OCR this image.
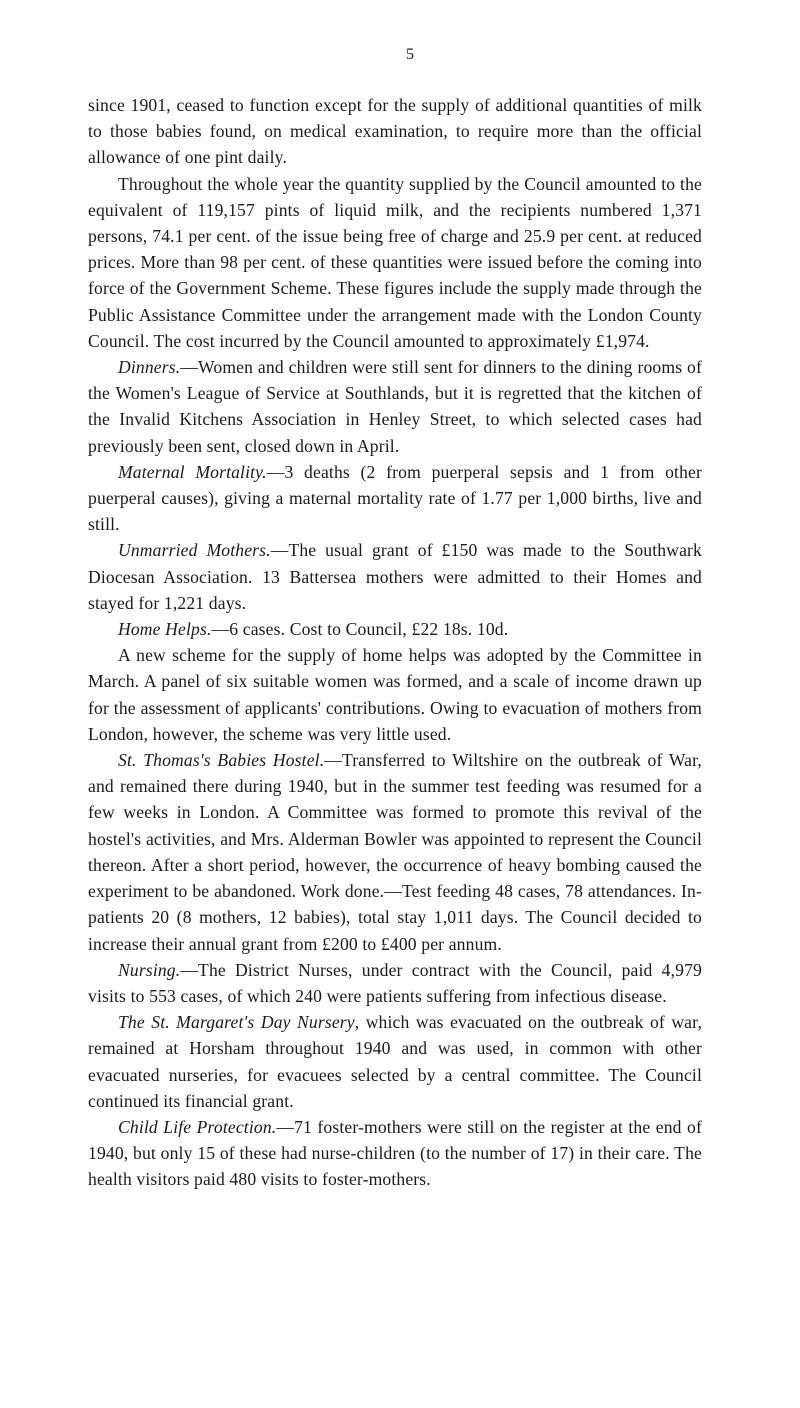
5

since 1901, ceased to function except for the supply of additional quantities of milk to those babies found, on medical examination, to require more than the official allowance of one pint daily.

Throughout the whole year the quantity supplied by the Council amounted to the equivalent of 119,157 pints of liquid milk, and the recipients numbered 1,371 persons, 74.1 per cent. of the issue being free of charge and 25.9 per cent. at reduced prices. More than 98 per cent. of these quantities were issued before the coming into force of the Government Scheme. These figures include the supply made through the Public Assistance Committee under the arrangement made with the London County Council. The cost incurred by the Council amounted to approximately £1,974.

Dinners.—Women and children were still sent for dinners to the dining rooms of the Women's League of Service at Southlands, but it is regretted that the kitchen of the Invalid Kitchens Association in Henley Street, to which selected cases had previously been sent, closed down in April.

Maternal Mortality.—3 deaths (2 from puerperal sepsis and 1 from other puerperal causes), giving a maternal mortality rate of 1.77 per 1,000 births, live and still.

Unmarried Mothers.—The usual grant of £150 was made to the Southwark Diocesan Association. 13 Battersea mothers were admitted to their Homes and stayed for 1,221 days.

Home Helps.—6 cases. Cost to Council, £22 18s. 10d.

A new scheme for the supply of home helps was adopted by the Committee in March. A panel of six suitable women was formed, and a scale of income drawn up for the assessment of applicants' contributions. Owing to evacuation of mothers from London, however, the scheme was very little used.

St. Thomas's Babies Hostel.—Transferred to Wiltshire on the outbreak of War, and remained there during 1940, but in the summer test feeding was resumed for a few weeks in London. A Committee was formed to promote this revival of the hostel's activities, and Mrs. Alderman Bowler was appointed to represent the Council thereon. After a short period, however, the occurrence of heavy bombing caused the experiment to be abandoned. Work done.—Test feeding 48 cases, 78 attendances. In-patients 20 (8 mothers, 12 babies), total stay 1,011 days. The Council decided to increase their annual grant from £200 to £400 per annum.

Nursing.—The District Nurses, under contract with the Council, paid 4,979 visits to 553 cases, of which 240 were patients suffering from infectious disease.

The St. Margaret's Day Nursery, which was evacuated on the outbreak of war, remained at Horsham throughout 1940 and was used, in common with other evacuated nurseries, for evacuees selected by a central committee. The Council continued its financial grant.

Child Life Protection.—71 foster-mothers were still on the register at the end of 1940, but only 15 of these had nurse-children (to the number of 17) in their care. The health visitors paid 480 visits to foster-mothers.
